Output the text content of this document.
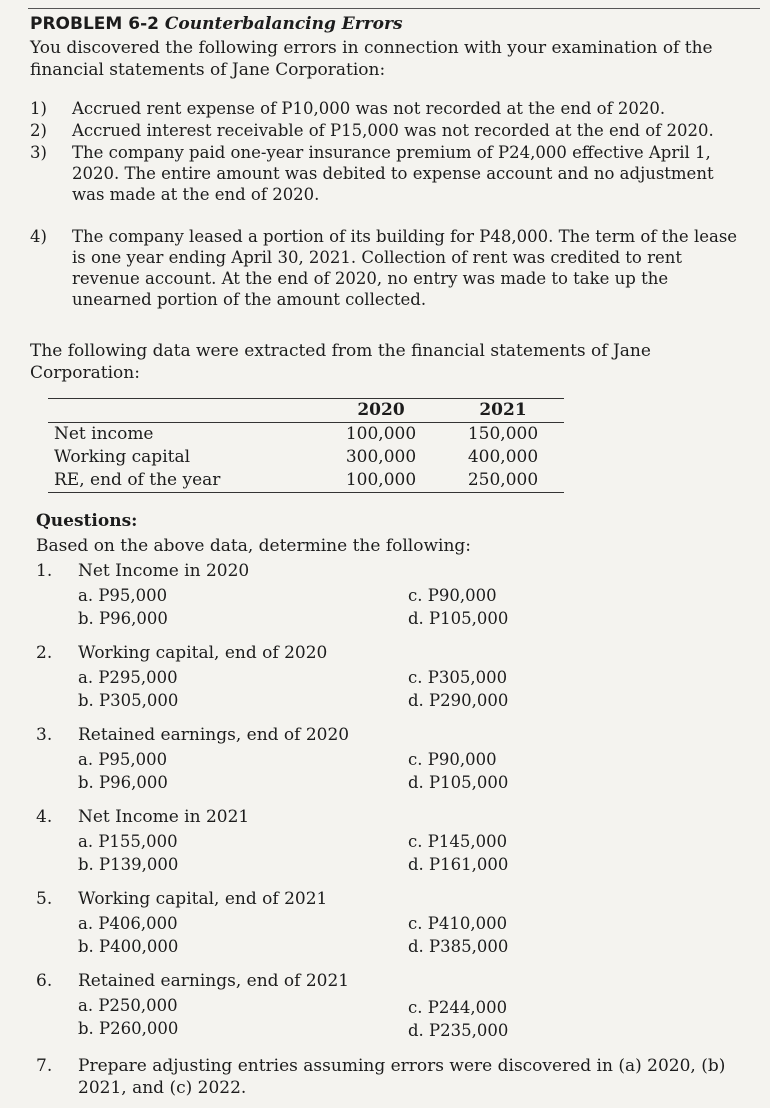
PROBLEM 6-2 Counterbalancing Errors
You discovered the following errors in connection with your examination of the financial statements of Jane Corporation:
1) Accrued rent expense of P10,000 was not recorded at the end of 2020.
2) Accrued interest receivable of P15,000 was not recorded at the end of 2020.
3) The company paid one-year insurance premium of P24,000 effective April 1, 2020. The entire amount was debited to expense account and no adjustment was made at the end of 2020.
4) The company leased a portion of its building for P48,000. The term of the lease is one year ending April 30, 2021. Collection of rent was credited to rent revenue account. At the end of 2020, no entry was made to take up the unearned portion of the amount collected.
The following data were extracted from the financial statements of Jane Corporation:
	2020	2021
Net income	100,000	150,000
Working capital	300,000	400,000
RE, end of the year	100,000	250,000
Questions:
Based on the above data, determine the following:
1. Net Income in 2020
a. P95,000
b. P96,000
c. P90,000
d. P105,000
2. Working capital, end of 2020
a. P295,000
b. P305,000
c. P305,000
d. P290,000
3. Retained earnings, end of 2020
a. P95,000
b. P96,000
c. P90,000
d. P105,000
4. Net Income in 2021
a. P155,000
b. P139,000
c. P145,000
d. P161,000
5. Working capital, end of 2021
a. P406,000
b. P400,000
c. P410,000
d. P385,000
6. Retained earnings, end of 2021
a. P250,000
b. P260,000
c. P244,000
d. P235,000
7. Prepare adjusting entries assuming errors were discovered in (a) 2020, (b) 2021, and (c) 2022.
